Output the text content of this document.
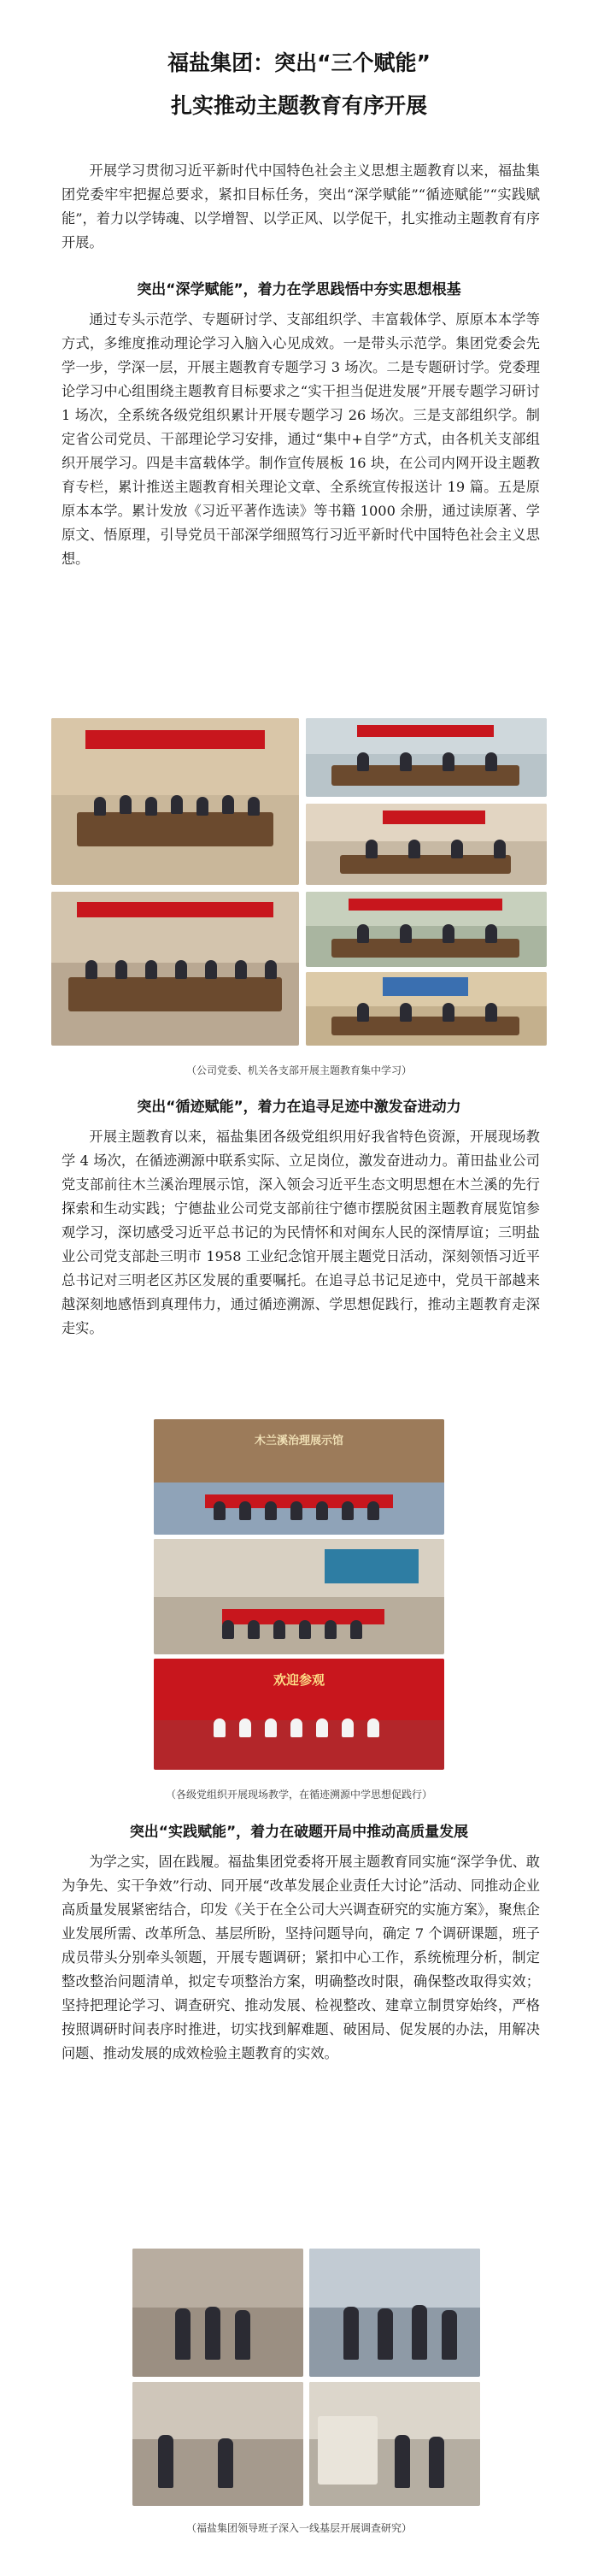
福盐集团：突出“三个赋能”
扎实推动主题教育有序开展

开展学习贯彻习近平新时代中国特色社会主义思想主题教育以来，福盐集团党委牢牢把握总要求，紧扣目标任务，突出“深学赋能”“循迹赋能”“实践赋能”，着力以学铸魂、以学增智、以学正风、以学促干，扎实推动主题教育有序开展。

突出“深学赋能”，着力在学思践悟中夯实思想根基

通过专头示范学、专题研讨学、支部组织学、丰富载体学、原原本本学等方式，多维度推动理论学习入脑入心见成效。一是带头示范学。集团党委会先学一步，学深一层，开展主题教育专题学习 3 场次。二是专题研讨学。党委理论学习中心组围绕主题教育目标要求之“实干担当促进发展”开展专题学习研讨 1 场次，全系统各级党组织累计开展专题学习 26 场次。三是支部组织学。制定省公司党员、干部理论学习安排，通过“集中+自学”方式，由各机关支部组织开展学习。四是丰富载体学。制作宣传展板 16 块，在公司内网开设主题教育专栏，累计推送主题教育相关理论文章、全系统宣传报送计 19 篇。五是原原本本学。累计发放《习近平著作选读》等书籍 1000 余册，通过读原著、学原文、悟原理，引导党员干部深学细照笃行习近平新时代中国特色社会主义思想。

（公司党委、机关各支部开展主题教育集中学习）
突出“循迹赋能”，着力在追寻足迹中激发奋进动力

开展主题教育以来，福盐集团各级党组织用好我省特色资源，开展现场教学 4 场次，在循迹溯源中联系实际、立足岗位，激发奋进动力。莆田盐业公司党支部前往木兰溪治理展示馆，深入领会习近平生态文明思想在木兰溪的先行探索和生动实践；宁德盐业公司党支部前往宁德市摆脱贫困主题教育展览馆参观学习，深切感受习近平总书记的为民情怀和对闽东人民的深情厚谊；三明盐业公司党支部赴三明市 1958 工业纪念馆开展主题党日活动，深刻领悟习近平总书记对三明老区苏区发展的重要嘱托。在追寻总书记足迹中，党员干部越来越深刻地感悟到真理伟力，通过循迹溯源、学思想促践行，推动主题教育走深走实。

木兰溪治理展示馆
欢迎参观
（各级党组织开展现场教学，在循迹溯源中学思想促践行）
突出“实践赋能”，着力在破题开局中推动高质量发展

为学之实，固在践履。福盐集团党委将开展主题教育同实施“深学争优、敢为争先、实干争效”行动、同开展“改革发展企业责任大讨论”活动、同推动企业高质量发展紧密结合，印发《关于在全公司大兴调查研究的实施方案》，聚焦企业发展所需、改革所急、基层所盼，坚持问题导向，确定 7 个调研课题，班子成员带头分别牵头领题，开展专题调研；紧扣中心工作，系统梳理分析，制定整改整治问题清单，拟定专项整治方案，明确整改时限，确保整改取得实效；坚持把理论学习、调查研究、推动发展、检视整改、建章立制贯穿始终，严格按照调研时间表序时推进，切实找到解难题、破困局、促发展的办法，用解决问题、推动发展的成效检验主题教育的实效。

（福盐集团领导班子深入一线基层开展调查研究）
